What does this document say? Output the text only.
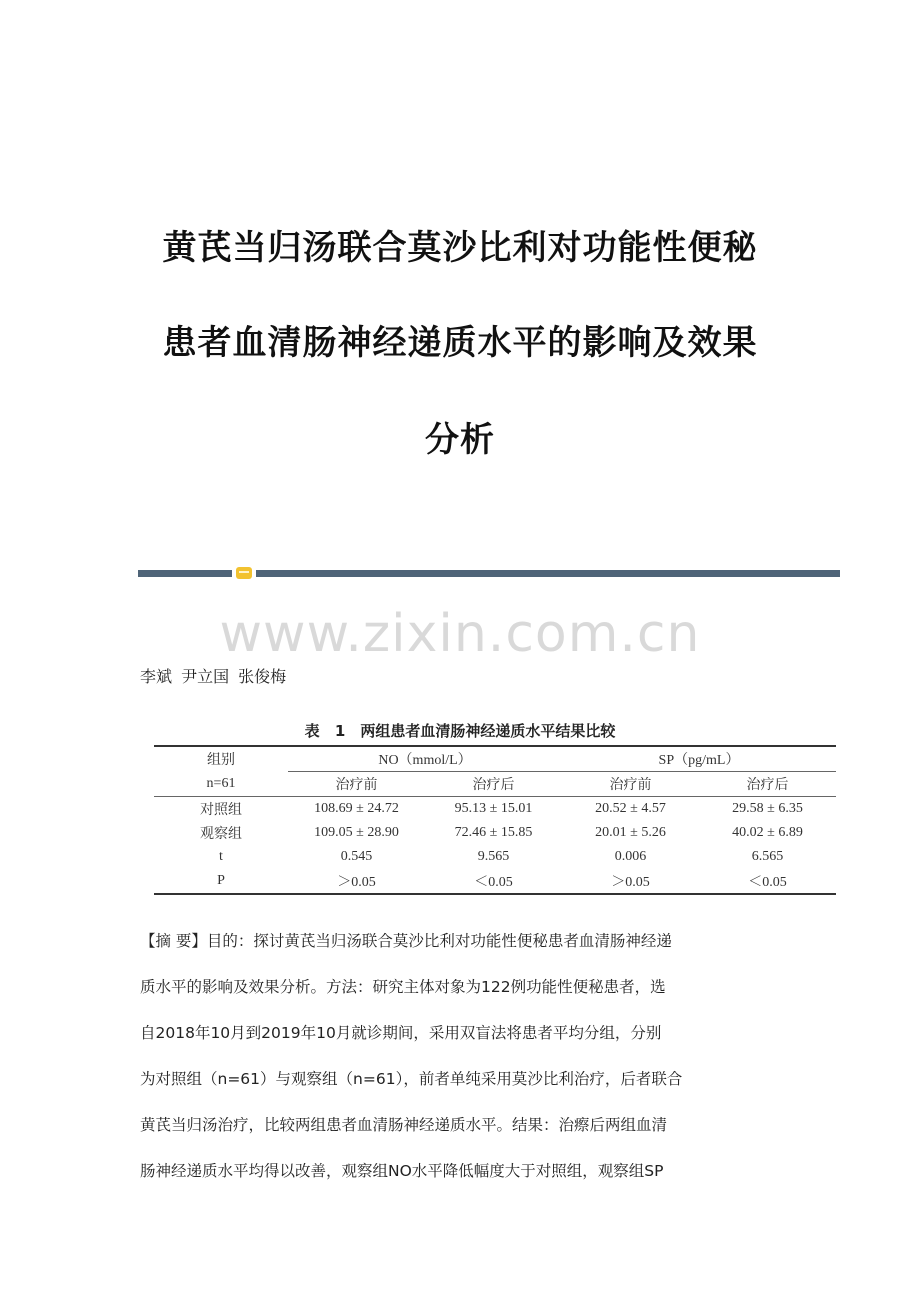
黄芪当归汤联合莫沙比利对功能性便秘
患者血清肠神经递质水平的影响及效果
分析
www.zixin.com.cn
李斌 尹立国 张俊梅
表 1　两组患者血清肠神经递质水平结果比较
组别	NO（mmol/L）		SP（pg/mL）	
n=61	治疗前	治疗后	治疗前	治疗后
对照组	108.69 ± 24.72	95.13 ± 15.01	20.52 ± 4.57	29.58 ± 6.35
观察组	109.05 ± 28.90	72.46 ± 15.85	20.01 ± 5.26	40.02 ± 6.89
t	0.545	9.565	0.006	6.565
P	＞0.05	＜0.05	＞0.05	＜0.05

【摘 要】目的：探讨黄芪当归汤联合莫沙比利对功能性便秘患者血清肠神经递

质水平的影响及效果分析。方法：研究主体对象为122例功能性便秘患者，选

自2018年10月到2019年10月就诊期间，采用双盲法将患者平均分组，分别

为对照组（n=61）与观察组（n=61），前者单纯采用莫沙比利治疗，后者联合

黄芪当归汤治疗，比较两组患者血清肠神经递质水平。结果：治瘵后两组血清

肠神经递质水平均得以改善，观察组NO水平降低幅度大于对照组，观察组SP
